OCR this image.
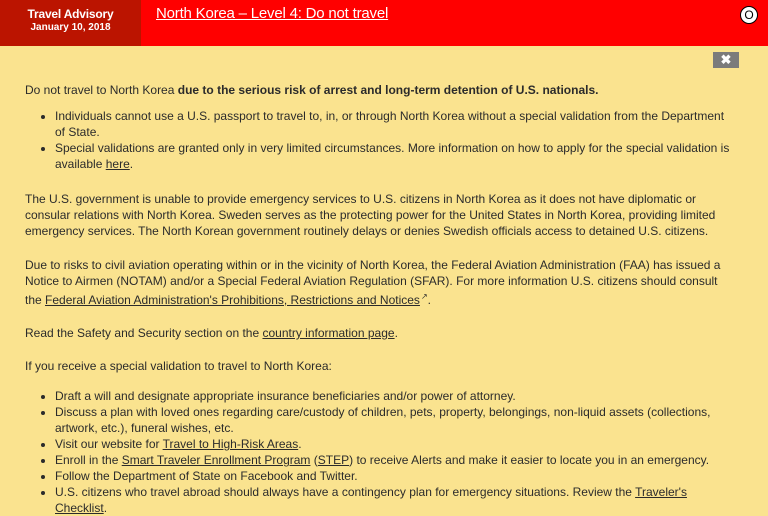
Travel Advisory
January 10, 2018
North Korea – Level 4: Do not travel	O
✖

Do not travel to North Korea due to the serious risk of arrest and long-term detention of U.S. nationals.

• Individuals cannot use a U.S. passport to travel to, in, or through North Korea without a special validation from the Department of State.
• Special validations are granted only in very limited circumstances. More information on how to apply for the special validation is available here.

The U.S. government is unable to provide emergency services to U.S. citizens in North Korea as it does not have diplomatic or consular relations with North Korea. Sweden serves as the protecting power for the United States in North Korea, providing limited emergency services. The North Korean government routinely delays or denies Swedish officials access to detained U.S. citizens.

Due to risks to civil aviation operating within or in the vicinity of North Korea, the Federal Aviation Administration (FAA) has issued a Notice to Airmen (NOTAM) and/or a Special Federal Aviation Regulation (SFAR). For more information U.S. citizens should consult the Federal Aviation Administration's Prohibitions, Restrictions and Notices↗.

Read the Safety and Security section on the country information page.

If you receive a special validation to travel to North Korea:

• Draft a will and designate appropriate insurance beneficiaries and/or power of attorney.
• Discuss a plan with loved ones regarding care/custody of children, pets, property, belongings, non-liquid assets (collections, artwork, etc.), funeral wishes, etc.
• Visit our website for Travel to High-Risk Areas.
• Enroll in the Smart Traveler Enrollment Program (STEP) to receive Alerts and make it easier to locate you in an emergency.
• Follow the Department of State on Facebook and Twitter.
• U.S. citizens who travel abroad should always have a contingency plan for emergency situations. Review the Traveler's Checklist.
